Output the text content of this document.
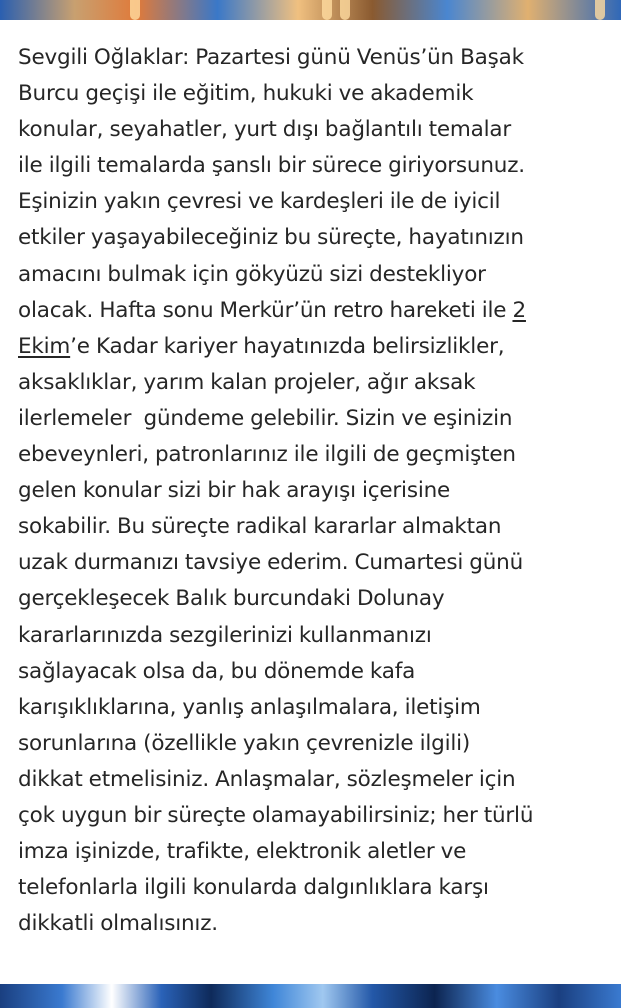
Sevgili Oğlaklar: Pazartesi günü Venüs’ün Başak
Burcu geçişi ile eğitim, hukuki ve akademik
konular, seyahatler, yurt dışı bağlantılı temalar
ile ilgili temalarda şanslı bir sürece giriyorsunuz.
Eşinizin yakın çevresi ve kardeşleri ile de iyicil
etkiler yaşayabileceğiniz bu süreçte, hayatınızın
amacını bulmak için gökyüzü sizi destekliyor
olacak. Hafta sonu Merkür’ün retro hareketi ile 2
Ekim’e Kadar kariyer hayatınızda belirsizlikler,
aksaklıklar, yarım kalan projeler, ağır aksak
ilerlemeler  gündeme gelebilir. Sizin ve eşinizin
ebeveynleri, patronlarınız ile ilgili de geçmişten
gelen konular sizi bir hak arayışı içerisine
sokabilir. Bu süreçte radikal kararlar almaktan
uzak durmanızı tavsiye ederim. Cumartesi günü
gerçekleşecek Balık burcundaki Dolunay
kararlarınızda sezgilerinizi kullanmanızı
sağlayacak olsa da, bu dönemde kafa
karışıklıklarına, yanlış anlaşılmalara, iletişim
sorunlarına (özellikle yakın çevrenizle ilgili)
dikkat etmelisiniz. Anlaşmalar, sözleşmeler için
çok uygun bir süreçte olamayabilirsiniz; her türlü
imza işinizde, trafikte, elektronik aletler ve
telefonlarla ilgili konularda dalgınlıklara karşı
dikkatli olmalısınız.
